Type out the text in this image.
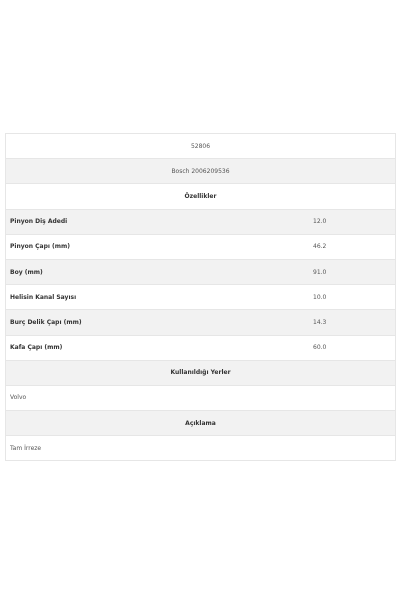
52806
Bosch 2006209536
Özellikler
Pinyon Diş Adedi	12.0
Pinyon Çapı (mm)	46.2
Boy (mm)	91.0
Helisin Kanal Sayısı	10.0
Burç Delik Çapı (mm)	14.3
Kafa Çapı (mm)	60.0
Kullanıldığı Yerler
Volvo
Açıklama
Tam İrreze
